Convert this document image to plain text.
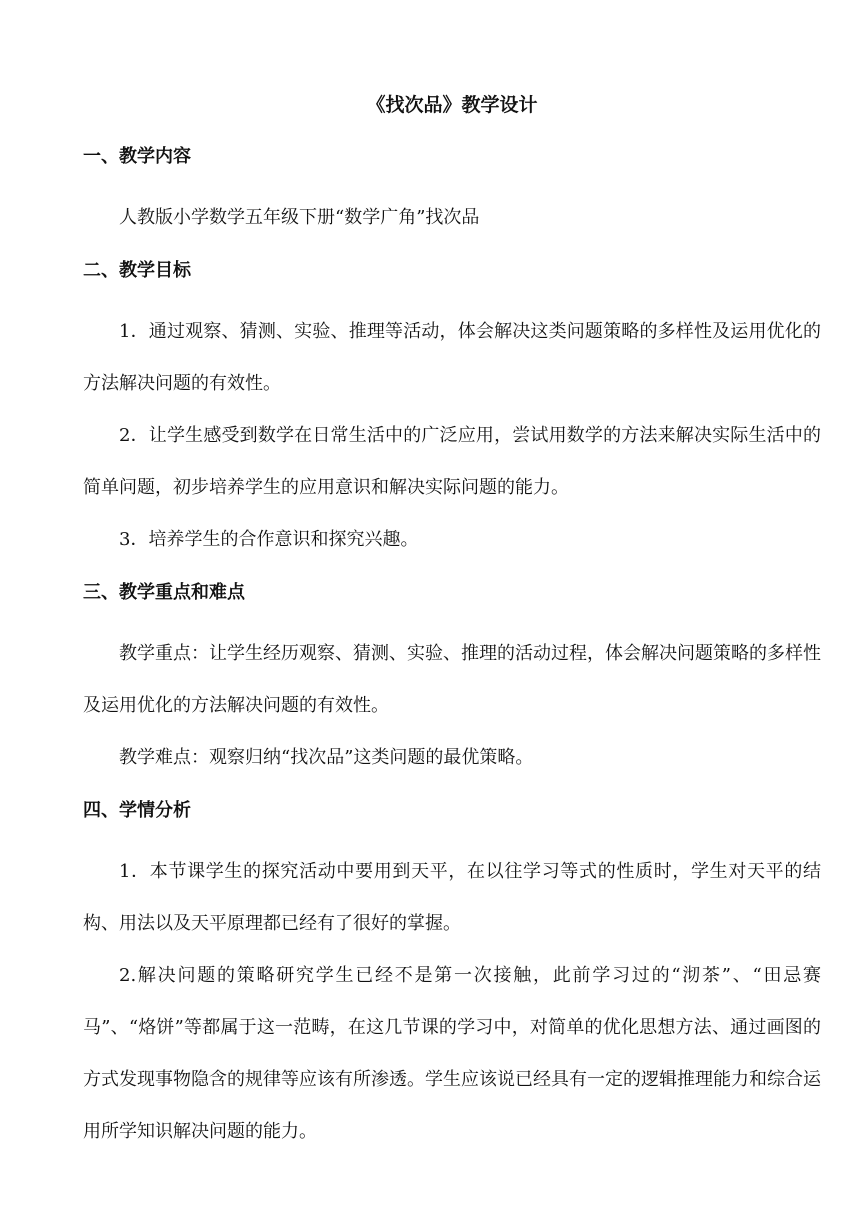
《找次品》教学设计
一、教学内容

人教版小学数学五年级下册“数学广角”找次品

二、教学目标

1．通过观察、猜测、实验、推理等活动，体会解决这类问题策略的多样性及运用优化的方法解决问题的有效性。

2．让学生感受到数学在日常生活中的广泛应用，尝试用数学的方法来解决实际生活中的简单问题，初步培养学生的应用意识和解决实际问题的能力。

3．培养学生的合作意识和探究兴趣。

三、教学重点和难点

教学重点：让学生经历观察、猜测、实验、推理的活动过程，体会解决问题策略的多样性及运用优化的方法解决问题的有效性。

教学难点：观察归纳“找次品”这类问题的最优策略。

四、学情分析

1．本节课学生的探究活动中要用到天平，在以往学习等式的性质时，学生对天平的结构、用法以及天平原理都已经有了很好的掌握。

2.解决问题的策略研究学生已经不是第一次接触，此前学习过的“沏茶”、“田忌赛马”、“烙饼”等都属于这一范畴，在这几节课的学习中，对简单的优化思想方法、通过画图的方式发现事物隐含的规律等应该有所渗透。学生应该说已经具有一定的逻辑推理能力和综合运用所学知识解决问题的能力。
